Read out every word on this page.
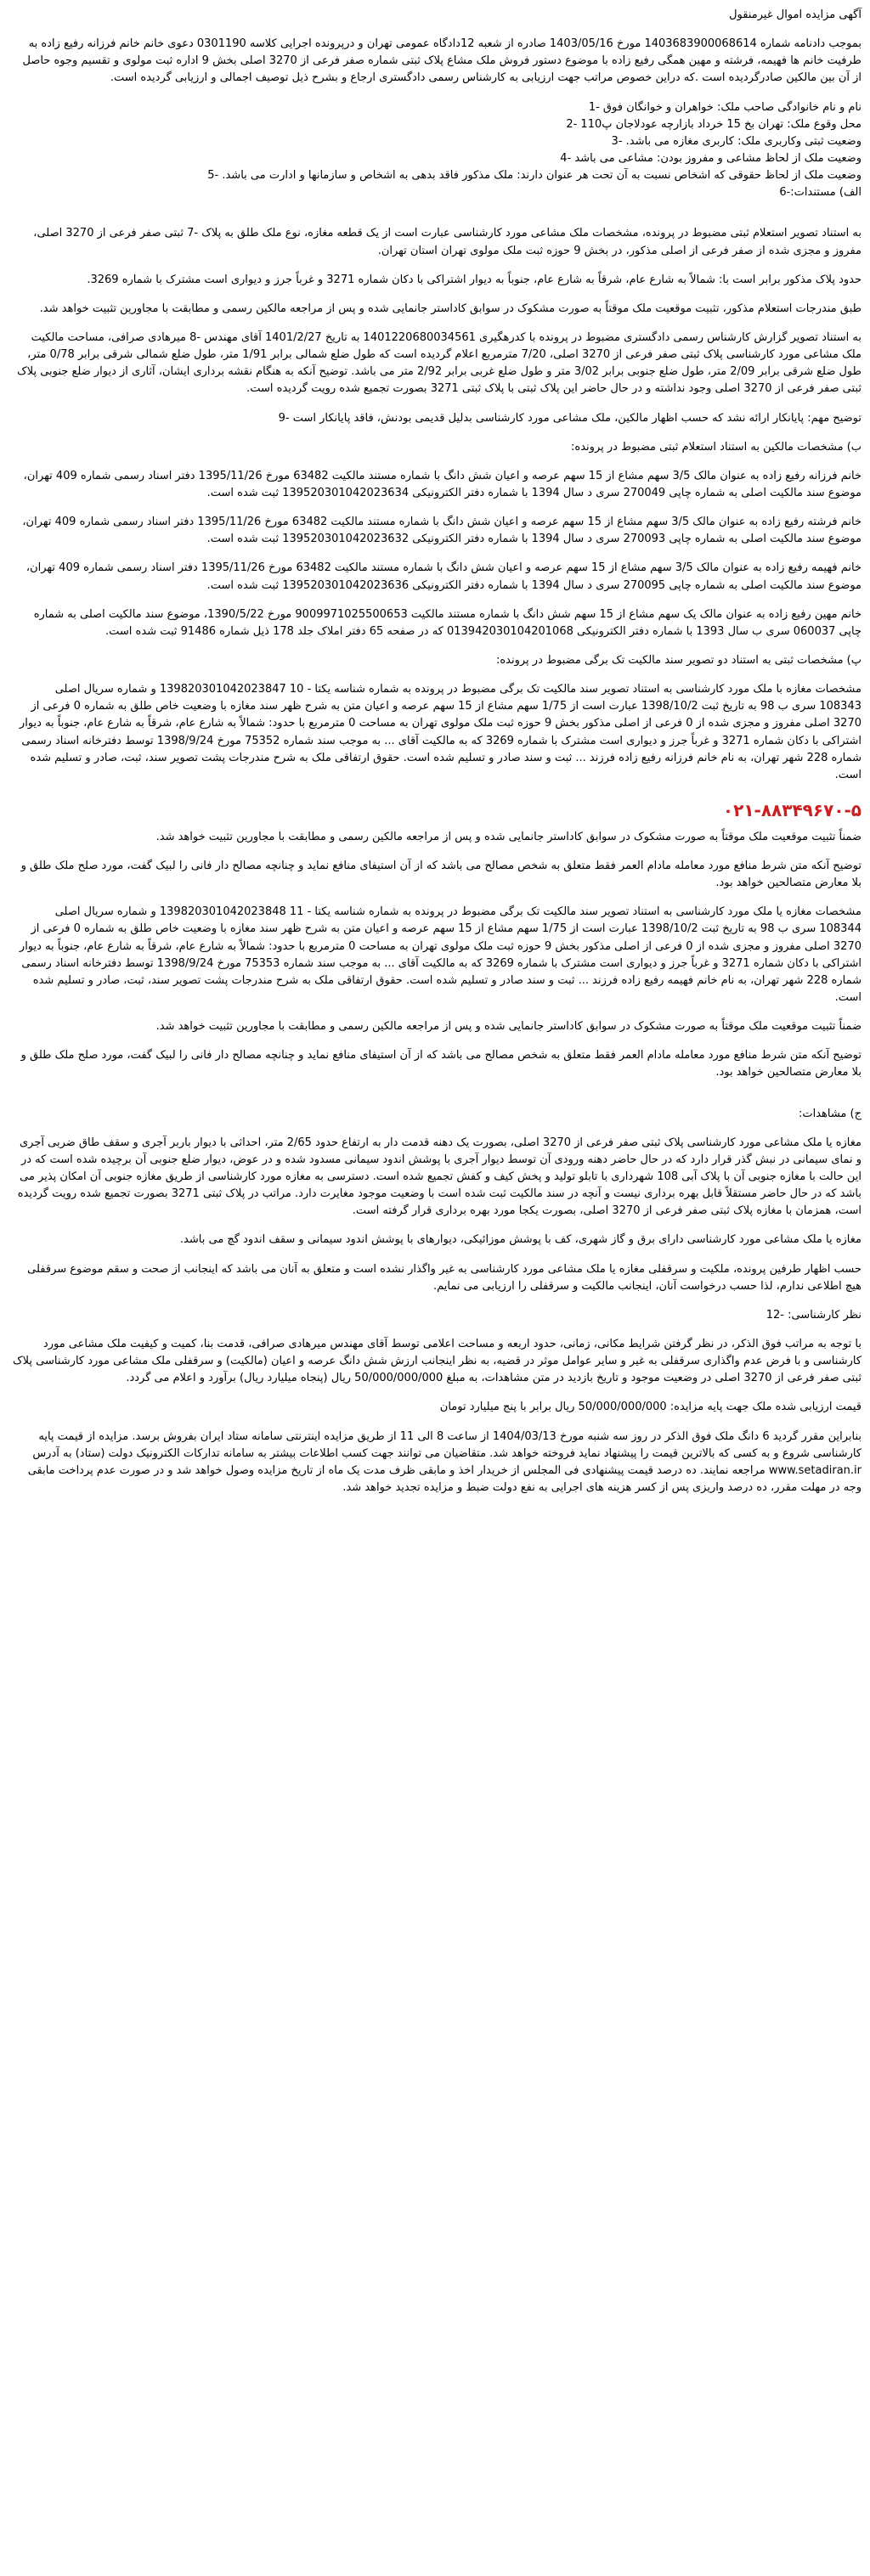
آگهی مزایده اموال غیرمنقول
بموجب دادنامه شماره 1403683900068614 مورخ 1403/05/16 صادره از شعبه 12دادگاه عمومی تهران و درپرونده اجرایی کلاسه 0301190 دعوی خانم خانم فرزانه رفیع زاده به طرفیت خانم ها فهیمه، فرشته و مهین همگی رفیع زاده با موضوع دستور فروش ملک مشاع پلاک ثبتی شماره صفر فرعی از 3270 اصلی بخش 9 اداره ثبت مولوی و تقسیم وجوه حاصل از آن بین مالکین صادرگردیده است .که دراین خصوص مراتب جهت ارزیابی به کارشناس رسمی دادگستری ارجاع و بشرح ذیل توصیف اجمالی و ارزیابی گردیده است.
نام و نام خانوادگی صاحب ملک: خواهران و خوانگان فوق -1
محل وقوع ملک: تهران بخ 15 خرداد بازارچه عودلاجان پ110 -2
وضعیت ثبتی وکاربری ملک: کاربری مغازه می باشد. -3
وضعیت ملک از لحاظ مشاعی و مفروز بودن: مشاعی می باشد -4
وضعیت ملک از لحاظ حقوقی که اشخاص نسبت به آن تحت هر عنوان دارند: ملک مذکور فاقد بدهی به اشخاص و سازمانها و ادارت می باشد. -5
الف) مستندات:-6
به استناد تصویر استعلام ثبتی مضبوط در پرونده، مشخصات ملک مشاعی مورد کارشناسی عبارت است از یک قطعه مغازه، نوع ملک طلق به پلاک -7 ثبتی صفر فرعی از 3270 اصلی، مفروز و مجزی شده از صفر فرعی از اصلی مذکور، در بخش 9 حوزه ثبت ملک مولوی تهران استان تهران.
حدود پلاک مذکور برابر است با: شمالاً به شارع عام، شرقاً به شارع عام، جنوباً به دیوار اشتراکی با دکان شماره 3271 و غرباً جرز و دیواری است مشترک با شماره 3269.
طبق مندرجات استعلام مذکور، تثبیت موقعیت ملک موقتاً به صورت مشکوک در سوابق کاداستر جانمایی شده و پس از مراجعه مالکین رسمی و مطابقت با مجاورین تثبیت خواهد شد.
به استناد تصویر گزارش کارشناس رسمی دادگستری مضبوط در پرونده با کدرهگیری 1401220680034561 به تاریخ 1401/2/27 آقای مهندس -8 میرهادی صرافی، مساحت مالکیت ملک مشاعی مورد کارشناسی پلاک ثبتی صفر فرعی از 3270 اصلی، 7/20 مترمربع اعلام گردیده است که طول ضلع شمالی برابر 1/91 متر، طول ضلع شمالی شرقی برابر 0/78 متر، طول ضلع شرقی برابر 2/09 متر، طول ضلع جنوبی برابر 3/02 متر و طول ضلع غربی برابر 2/92 متر می باشد. توضیح آنکه به هنگام نقشه برداری ایشان، آثاری از دیوار ضلع جنوبی پلاک ثبتی صفر فرعی از 3270 اصلی وجود نداشته و در حال حاضر این پلاک ثبتی با پلاک ثبتی 3271 بصورت تجمیع شده رویت گردیده است.
توضیح مهم: پایانکار ارائه نشد که حسب اظهار مالکین، ملک مشاعی مورد کارشناسی بدلیل قدیمی بودنش، فاقد پایانکار است -9
ب) مشخصات مالکین به استناد استعلام ثبتی مضبوط در پرونده:
خانم فرزانه رفیع زاده به عنوان مالک 3/5 سهم مشاع از 15 سهم عرصه و اعیان شش دانگ با شماره مستند مالکیت 63482 مورخ 1395/11/26 دفتر اسناد رسمی شماره 409 تهران، موضوع سند مالکیت اصلی به شماره چاپی 270049 سری د سال 1394 با شماره دفتر الکترونیکی 139520301042023634 ثبت شده است.
خانم فرشته رفیع زاده به عنوان مالک 3/5 سهم مشاع از 15 سهم عرصه و اعیان شش دانگ با شماره مستند مالکیت 63482 مورخ 1395/11/26 دفتر اسناد رسمی شماره 409 تهران، موضوع سند مالکیت اصلی به شماره چاپی 270093 سری د سال 1394 با شماره دفتر الکترونیکی 139520301042023632 ثبت شده است.
خانم فهیمه رفیع زاده به عنوان مالک 3/5 سهم مشاع از 15 سهم عرصه و اعیان شش دانگ با شماره مستند مالکیت 63482 مورخ 1395/11/26 دفتر اسناد رسمی شماره 409 تهران، موضوع سند مالکیت اصلی به شماره چاپی 270095 سری د سال 1394 با شماره دفتر الکترونیکی 139520301042023636 ثبت شده است.
خانم مهین رفیع زاده به عنوان مالک یک سهم مشاع از 15 سهم شش دانگ با شماره مستند مالکیت 9009971025500653 مورخ 1390/5/22، موضوع سند مالکیت اصلی به شماره چاپی 060037 سری ب سال 1393 با شماره دفتر الکترونیکی 013942030104201068 که در صفحه 65 دفتر املاک جلد 178 ذیل شماره 91486 ثبت شده است.
پ) مشخصات ثبتی به استناد دو تصویر سند مالکیت تک برگی مضبوط در پرونده:
مشخصات مغازه با ملک مورد کارشناسی به استناد تصویر سند مالکیت تک برگی مضبوط در پرونده به شماره شناسه یکتا - 10 139820301042023847 و شماره سریال اصلی 108343 سری ب 98 به تاریخ ثبت 1398/10/2 عبارت است از 1/75 سهم مشاع از 15 سهم عرصه و اعیان متن به شرح ظهر سند مغازه با وضعیت خاص طلق به شماره 0 فرعی از 3270 اصلی مفروز و مجزی شده از 0 فرعی از اصلی مذکور بخش 9 حوزه ثبت ملک مولوی تهران به مساحت 0 مترمربع با حدود: شمالاً به شارع عام، شرقاً به شارع عام، جنوباً به دیوار اشتراکی با دکان شماره 3271 و غرباً جرز و دیواری است مشترک با شماره 3269 که به مالکیت آقای ... به موجب سند شماره 75352 مورخ 1398/9/24 توسط دفترخانه اسناد رسمی شماره 228 شهر تهران، به نام خانم فرزانه رفیع زاده فرزند ... ثبت و سند صادر و تسلیم شده است. حقوق ارتفاقی ملک به شرح مندرجات پشت تصویر سند، ثبت، صادر و تسلیم شده است.
۰۲۱-۸۸۳۴۹۶۷۰-۵
ضمناً تثبیت موقعیت ملک موقتاً به صورت مشکوک در سوابق کاداستر جانمایی شده و پس از مراجعه مالکین رسمی و مطابقت با مجاورین تثبیت خواهد شد.
توضیح آنکه متن شرط منافع مورد معامله مادام العمر فقط متعلق به شخص مصالح می باشد که از آن استیفای منافع نماید و چنانچه مصالح دار فانی را لبیک گفت، مورد صلح ملک طلق و بلا معارض متصالحین خواهد بود.
مشخصات مغازه یا ملک مورد کارشناسی به استناد تصویر سند مالکیت تک برگی مضبوط در پرونده به شماره شناسه یکتا - 11 139820301042023848 و شماره سریال اصلی 108344 سری ب 98 به تاریخ ثبت 1398/10/2 عبارت است از 1/75 سهم مشاع از 15 سهم عرصه و اعیان متن به شرح ظهر سند مغازه با وضعیت خاص طلق به شماره 0 فرعی از 3270 اصلی مفروز و مجزی شده از 0 فرعی از اصلی مذکور بخش 9 حوزه ثبت ملک مولوی تهران به مساحت 0 مترمربع با حدود: شمالاً به شارع عام، شرقاً به شارع عام، جنوباً به دیوار اشتراکی با دکان شماره 3271 و غرباً جرز و دیواری است مشترک با شماره 3269 که به مالکیت آقای ... به موجب سند شماره 75353 مورخ 1398/9/24 توسط دفترخانه اسناد رسمی شماره 228 شهر تهران، به نام خانم فهیمه رفیع زاده فرزند ... ثبت و سند صادر و تسلیم شده است. حقوق ارتفاقی ملک به شرح مندرجات پشت تصویر سند، ثبت، صادر و تسلیم شده است.
ضمناً تثبیت موقعیت ملک موقتاً به صورت مشکوک در سوابق کاداستر جانمایی شده و پس از مراجعه مالکین رسمی و مطابقت با مجاورین تثبیت خواهد شد.
توضیح آنکه متن شرط منافع مورد معامله مادام العمر فقط متعلق به شخص مصالح می باشد که از آن استیفای منافع نماید و چنانچه مصالح دار فانی را لبیک گفت، مورد صلح ملک طلق و بلا معارض متصالحین خواهد بود.
ج) مشاهدات:
مغازه یا ملک مشاعی مورد کارشناسی پلاک ثبتی صفر فرعی از 3270 اصلی، بصورت یک دهنه قدمت دار به ارتفاع حدود 2/65 متر، احداثی با دیوار باربر آجری و سقف طاق ضربی آجری و نمای سیمانی در نبش گذر قرار دارد که در حال حاضر دهنه ورودی آن توسط دیوار آجری با پوشش اندود سیمانی مسدود شده و در عوض، دیوار ضلع جنوبی آن برچیده شده است که در این حالت با مغازه جنوبی آن با پلاک آبی 108 شهرداری با تابلو تولید و پخش کیف و کفش تجمیع شده است. دسترسی به مغازه مورد کارشناسی از طریق مغازه جنوبی آن امکان پذیر می باشد که در حال حاضر مستقلاً قابل بهره برداری نیست و آنچه در سند مالکیت ثبت شده است با وضعیت موجود مغایرت دارد. مراتب در پلاک ثبتی 3271 بصورت تجمیع شده رویت گردیده است، همزمان با مغازه پلاک ثبتی صفر فرعی از 3270 اصلی، بصورت یکجا مورد بهره برداری قرار گرفته است.
مغازه یا ملک مشاعی مورد کارشناسی دارای برق و گاز شهری، کف با پوشش موزائیکی، دیوارهای با پوشش اندود سیمانی و سقف اندود گچ می باشد.
حسب اظهار طرفین پرونده، ملکیت و سرقفلی مغازه یا ملک مشاعی مورد کارشناسی به غیر واگذار نشده است و متعلق به آنان می باشد که اینجانب از صحت و سقم موضوع سرقفلی هیچ اطلاعی ندارم، لذا حسب درخواست آنان، اینجانب مالکیت و سرقفلی را ارزیابی می نمایم.
نظر کارشناسی: -12
با توجه به مراتب فوق الذکر، در نظر گرفتن شرایط مکانی، زمانی، حدود اربعه و مساحت اعلامی توسط آقای مهندس میرهادی صرافی، قدمت بنا، کمیت و کیفیت ملک مشاعی مورد کارشناسی و با فرض عدم واگذاری سرقفلی به غیر و سایر عوامل موثر در قضیه، به نظر اینجانب ارزش شش دانگ عرصه و اعیان (مالکیت) و سرقفلی ملک مشاعی مورد کارشناسی پلاک ثبتی صفر فرعی از 3270 اصلی در وضعیت موجود و تاریخ بازدید در متن مشاهدات، به مبلغ 50/000/000/000 ریال (پنجاه میلیارد ریال) برآورد و اعلام می گردد.
قیمت ارزیابی شده ملک جهت پایه مزایده: 50/000/000/000 ریال برابر با پنج میلیارد تومان
بنابراین مقرر گردید 6 دانگ ملک فوق الذکر در روز سه شنبه مورخ 1404/03/13 از ساعت 8 الی 11 از طریق مزایده اینترنتی سامانه ستاد ایران بفروش برسد. مزایده از قیمت پایه کارشناسی شروع و به کسی که بالاترین قیمت را پیشنهاد نماید فروخته خواهد شد. متقاضیان می توانند جهت کسب اطلاعات بیشتر به سامانه تدارکات الکترونیک دولت (ستاد) به آدرس www.setadiran.ir مراجعه نمایند. ده درصد قیمت پیشنهادی فی المجلس از خریدار اخذ و مابقی ظرف مدت یک ماه از تاریخ مزایده وصول خواهد شد و در صورت عدم پرداخت مابقی وجه در مهلت مقرر، ده درصد واریزی پس از کسر هزینه های اجرایی به نفع دولت ضبط و مزایده تجدید خواهد شد.
